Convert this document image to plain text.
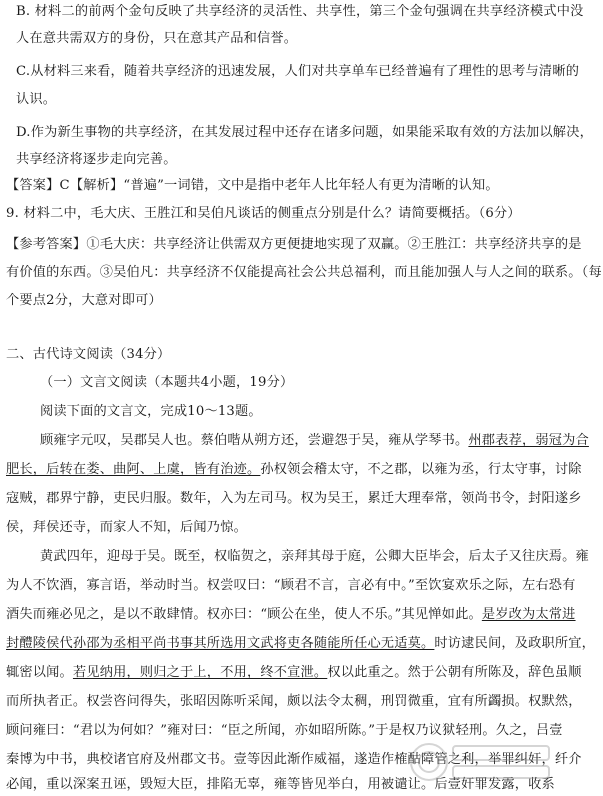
B. 材料二的前两个金句反映了共享经济的灵活性、共享性，第三个金句强调在共享经济模式中没
人在意共需双方的身份，只在意其产品和信誉。
C.从材料三来看，随着共享经济的迅速发展，人们对共享单车已经普遍有了理性的思考与清晰的
认识。
D.作为新生事物的共享经济，在其发展过程中还存在诸多问题，如果能采取有效的方法加以解决，
共享经济将逐步走向完善。
【答案】C【解析】“普遍”一词错，文中是指中老年人比年轻人有更为清晰的认知。
9. 材料二中，毛大庆、王胜江和吴伯凡谈话的侧重点分别是什么？请简要概括。（6分）
【参考答案】①毛大庆：共享经济让供需双方更便捷地实现了双赢。②王胜江：共享经济共享的是
有价值的东西。③吴伯凡：共享经济不仅能提高社会公共总福利，而且能加强人与人之间的联系。（每
个要点2分，大意对即可）
二、古代诗文阅读（34分）
（一）文言文阅读（本题共4小题，19分）
阅读下面的文言文，完成10～13题。
顾雍字元叹，吴郡吴人也。蔡伯喈从朔方还，尝避怨于吴，雍从学琴书。州郡表荐，弱冠为合
肥长，后转在娄、曲阿、上虞，皆有治迹。孙权领会稽太守，不之郡，以雍为丞，行太守事，讨除
寇贼，郡界宁静，吏民归服。数年，入为左司马。权为吴王，累迁大理奉常，领尚书令，封阳遂乡
侯，拜侯还寺，而家人不知，后闻乃惊。
黄武四年，迎母于吴。既至，权临贺之，亲拜其母于庭，公卿大臣毕会，后太子又往庆焉。雍
为人不饮酒，寡言语，举动时当。权尝叹曰：“顾君不言，言必有中。”至饮宴欢乐之际，左右恐有
酒失而雍必见之，是以不敢肆情。权亦曰：“顾公在坐，使人不乐。”其见惮如此。是岁改为太常进
封醴陵侯代孙邵为丞相平尚书事其所选用文武将吏各随能所任心无适莫。时访逮民间，及政职所宜，
辄密以闻。若见纳用，则归之于上，不用，终不宣泄。权以此重之。然于公朝有所陈及，辞色虽顺
而所执者正。权尝咨问得失，张昭因陈听采闻，颇以法令太稠，刑罚微重，宜有所蠲损。权默然，
顾问雍曰：“君以为何如？”雍对曰：“臣之所闻，亦如昭所陈。”于是权乃议狱轻刑。久之，吕壹
秦博为中书，典校诸官府及州郡文书。壹等因此渐作威福，遂造作榷酤障管之利，举罪纠奸，纤介
必闻，重以深案丑诬，毁短大臣，排陷无辜，雍等皆见举白，用被谴让。后壹奸罪发露，收系
